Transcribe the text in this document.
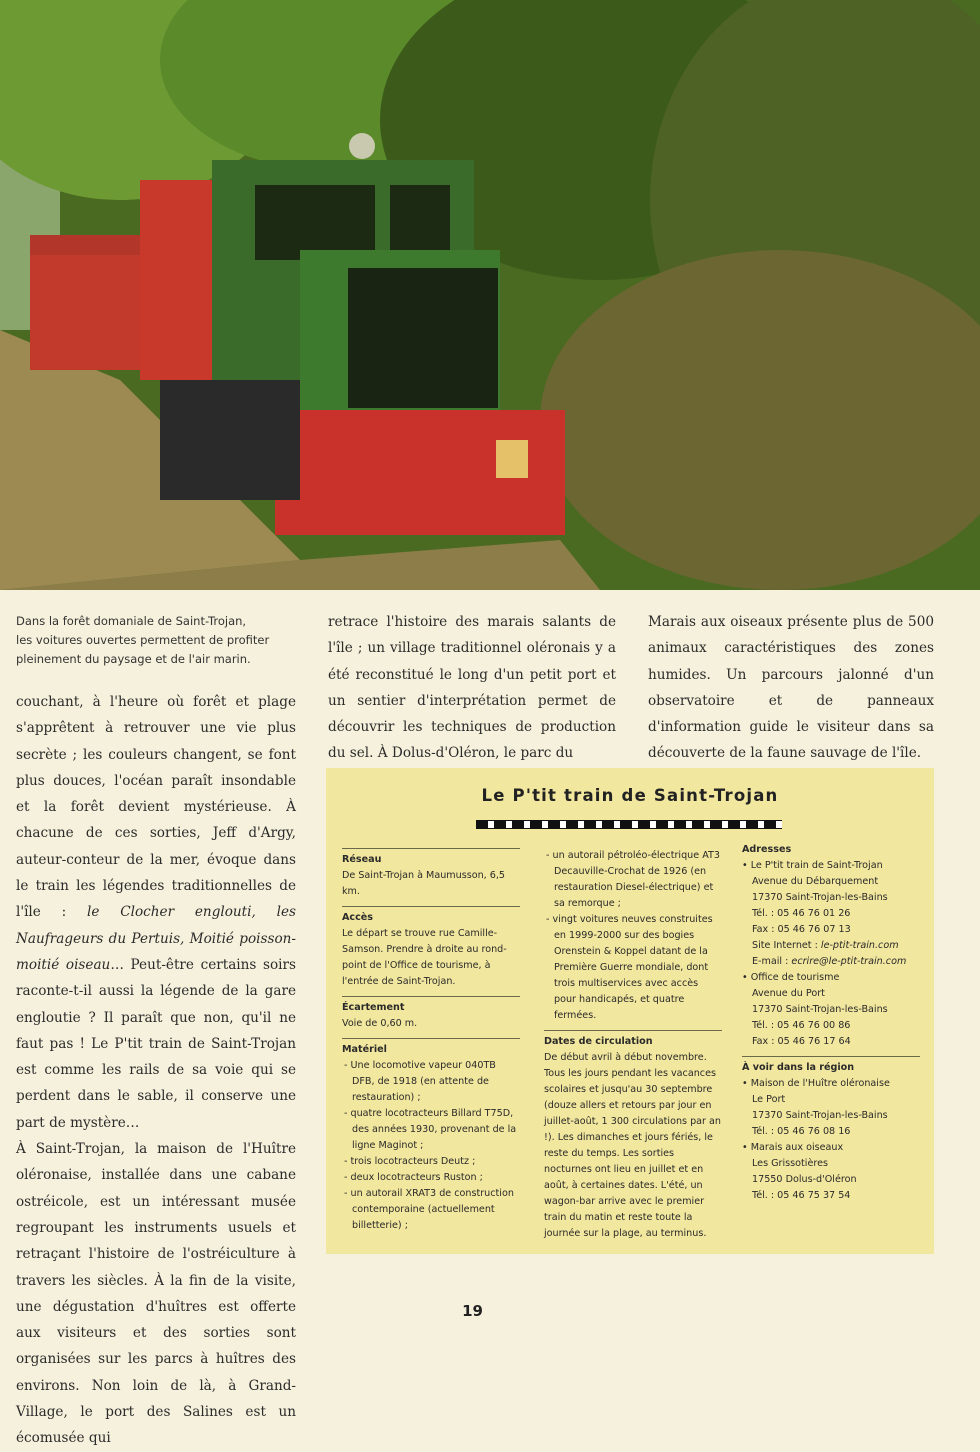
Dans la forêt domaniale de Saint-Trojan,
les voitures ouvertes permettent de profiter
pleinement du paysage et de l'air marin.

couchant, à l'heure où forêt et plage s'apprêtent à retrouver une vie plus secrète ; les couleurs changent, se font plus douces, l'océan paraît insondable et la forêt devient mystérieuse. À chacune de ces sorties, Jeff d'Argy, auteur-conteur de la mer, évoque dans le train les légendes traditionnelles de l'île : le Clocher englouti, les Naufrageurs du Pertuis, Moitié poisson-moitié oiseau… Peut-être certains soirs raconte-t-il aussi la légende de la gare engloutie ? Il paraît que non, qu'il ne faut pas ! Le P'tit train de Saint-Trojan est comme les rails de sa voie qui se perdent dans le sable, il conserve une part de mystère…

À Saint-Trojan, la maison de l'Huître oléronaise, installée dans une cabane ostréicole, est un intéressant musée regroupant les instruments usuels et retraçant l'histoire de l'ostréiculture à travers les siècles. À la fin de la visite, une dégustation d'huîtres est offerte aux visiteurs et des sorties sont organisées sur les parcs à huîtres des environs. Non loin de là, à Grand-Village, le port des Salines est un écomusée qui

retrace l'histoire des marais salants de l'île ; un village traditionnel oléronais y a été reconstitué le long d'un petit port et un sentier d'interprétation permet de découvrir les techniques de production du sel. À Dolus-d'Oléron, le parc du

Marais aux oiseaux présente plus de 500 animaux caractéristiques des zones humides. Un parcours jalonné d'un observatoire et de panneaux d'information guide le visiteur dans sa découverte de la faune sauvage de l'île.

Le P'tit train de Saint-Trojan
Réseau
De Saint-Trojan à Maumusson, 6,5 km.
Accès
Le départ se trouve rue Camille-Samson. Prendre à droite au rond-point de l'Office de tourisme, à l'entrée de Saint-Trojan.
Écartement
Voie de 0,60 m.
Matériel
- Une locomotive vapeur 040TB DFB, de 1918 (en attente de restauration) ;
- quatre locotracteurs Billard T75D, des années 1930, provenant de la ligne Maginot ;
- trois locotracteurs Deutz ;
- deux locotracteurs Ruston ;
- un autorail XRAT3 de construction contemporaine (actuellement billetterie) ;
- un autorail pétroléo-électrique AT3 Decauville-Crochat de 1926 (en restauration Diesel-électrique) et sa remorque ;
- vingt voitures neuves construites en 1999-2000 sur des bogies Orenstein & Koppel datant de la Première Guerre mondiale, dont trois multiservices avec accès pour handicapés, et quatre fermées.
Dates de circulation
De début avril à début novembre. Tous les jours pendant les vacances scolaires et jusqu'au 30 septembre (douze allers et retours par jour en juillet-août, 1 300 circulations par an !). Les dimanches et jours fériés, le reste du temps. Les sorties nocturnes ont lieu en juillet et en août, à certaines dates. L'été, un wagon-bar arrive avec le premier train du matin et reste toute la journée sur la plage, au terminus.
Adresses
• Le P'tit train de Saint-Trojan
Avenue du Débarquement
17370 Saint-Trojan-les-Bains
Tél. : 05 46 76 01 26
Fax : 05 46 76 07 13
Site Internet : le-ptit-train.com
E-mail : ecrire@le-ptit-train.com
• Office de tourisme
Avenue du Port
17370 Saint-Trojan-les-Bains
Tél. : 05 46 76 00 86
Fax : 05 46 76 17 64
À voir dans la région
• Maison de l'Huître oléronaise
Le Port
17370 Saint-Trojan-les-Bains
Tél. : 05 46 76 08 16
• Marais aux oiseaux
Les Grissotières
17550 Dolus-d'Oléron
Tél. : 05 46 75 37 54
19
